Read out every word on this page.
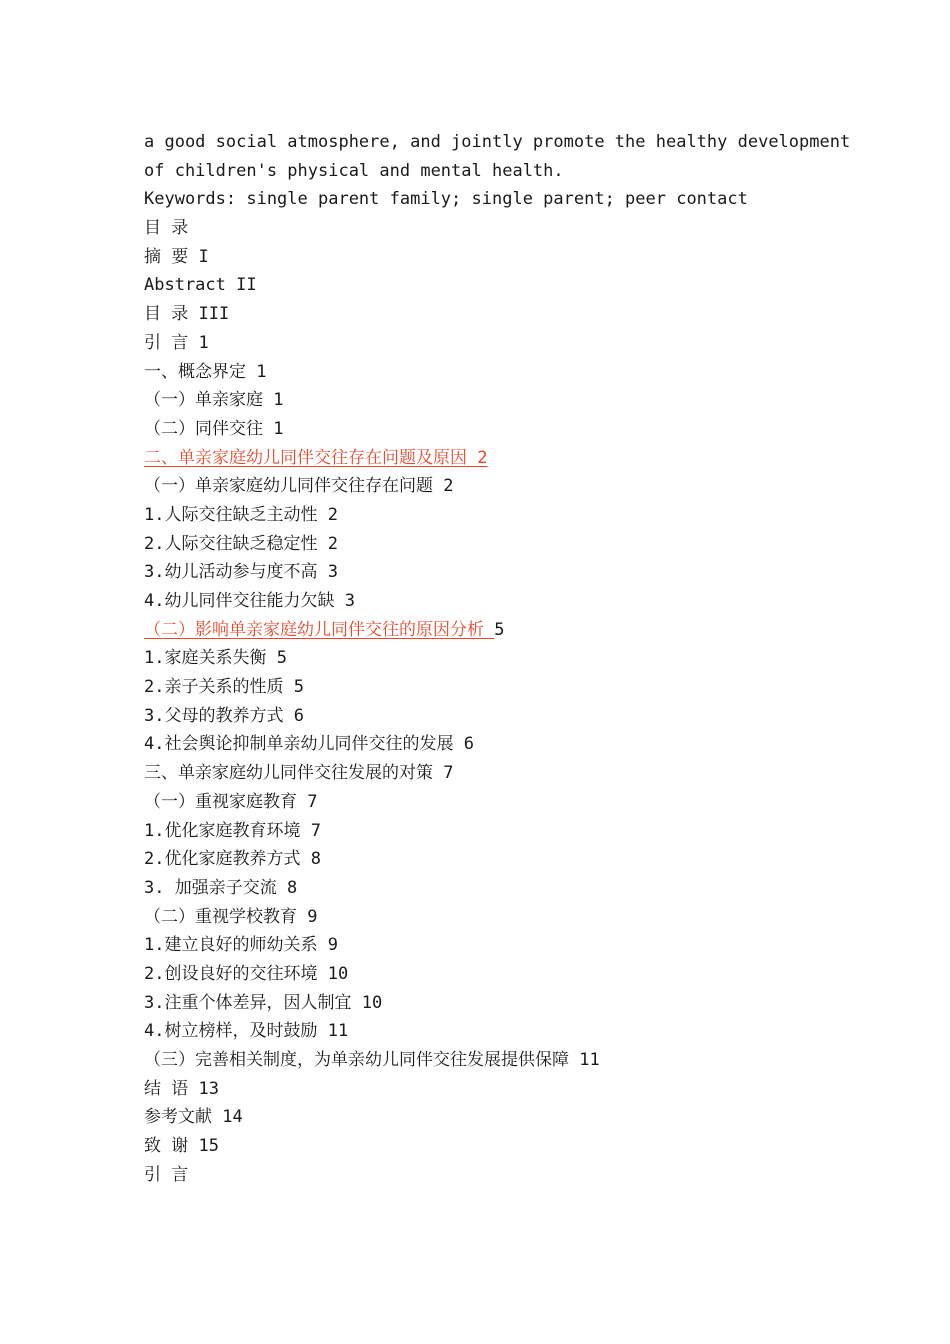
a good social atmosphere, and jointly promote the healthy development
of children's physical and mental health.
Keywords: single parent family; single parent; peer contact
目 录
摘 要 I
Abstract II
目 录 III
引 言 1
一、概念界定 1
（一）单亲家庭 1
（二）同伴交往 1
二、单亲家庭幼儿同伴交往存在问题及原因 2
（一）单亲家庭幼儿同伴交往存在问题 2
1.人际交往缺乏主动性 2
2.人际交往缺乏稳定性 2
3.幼儿活动参与度不高 3
4.幼儿同伴交往能力欠缺 3
（二）影响单亲家庭幼儿同伴交往的原因分析 5
1.家庭关系失衡 5
2.亲子关系的性质 5
3.父母的教养方式 6
4.社会舆论抑制单亲幼儿同伴交往的发展 6
三、单亲家庭幼儿同伴交往发展的对策 7
（一）重视家庭教育 7
1.优化家庭教育环境 7
2.优化家庭教养方式 8
3. 加强亲子交流 8
（二）重视学校教育 9
1.建立良好的师幼关系 9
2.创设良好的交往环境 10
3.注重个体差异，因人制宜 10
4.树立榜样，及时鼓励 11
（三）完善相关制度，为单亲幼儿同伴交往发展提供保障 11
结 语 13
参考文献 14
致 谢 15
引 言
